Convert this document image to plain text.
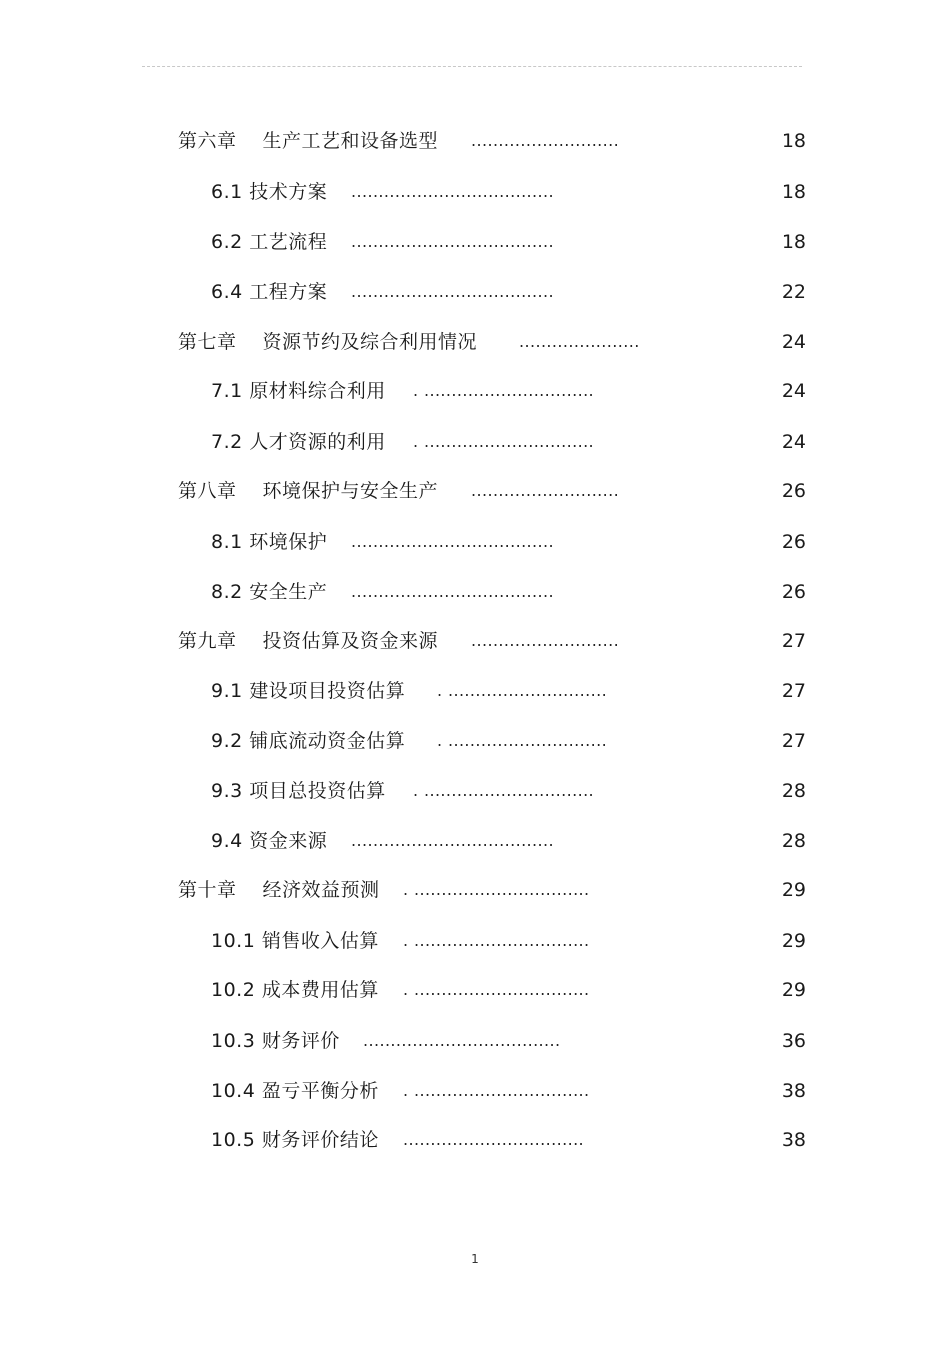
第六章　 生产工艺和设备选型 ...........................	18
6.1 技术方案 .....................................	18
6.2 工艺流程 .....................................	18
6.4 工程方案 .....................................	22
第七章　 资源节约及综合利用情况	......................	24
7.1 原材料综合利用 . ...............................	24
7.2 人才资源的利用 . ...............................	24
第八章　 环境保护与安全生产 ...........................	26
8.1 环境保护 .....................................	26
8.2 安全生产 .....................................	26
第九章　 投资估算及资金来源 ...........................	27
9.1 建设项目投资估算 . .............................	27
9.2 铺底流动资金估算 . .............................	27
9.3 项目总投资估算 . ...............................	28
9.4 资金来源 .....................................	28
第十章　 经济效益预测 . ................................	29
10.1 销售收入估算 . ................................	29
10.2 成本费用估算 . ................................	29
10.3 财务评价 ....................................	36
10.4 盈亏平衡分析 . ................................	38
10.5 财务评价结论 .................................	38
1
